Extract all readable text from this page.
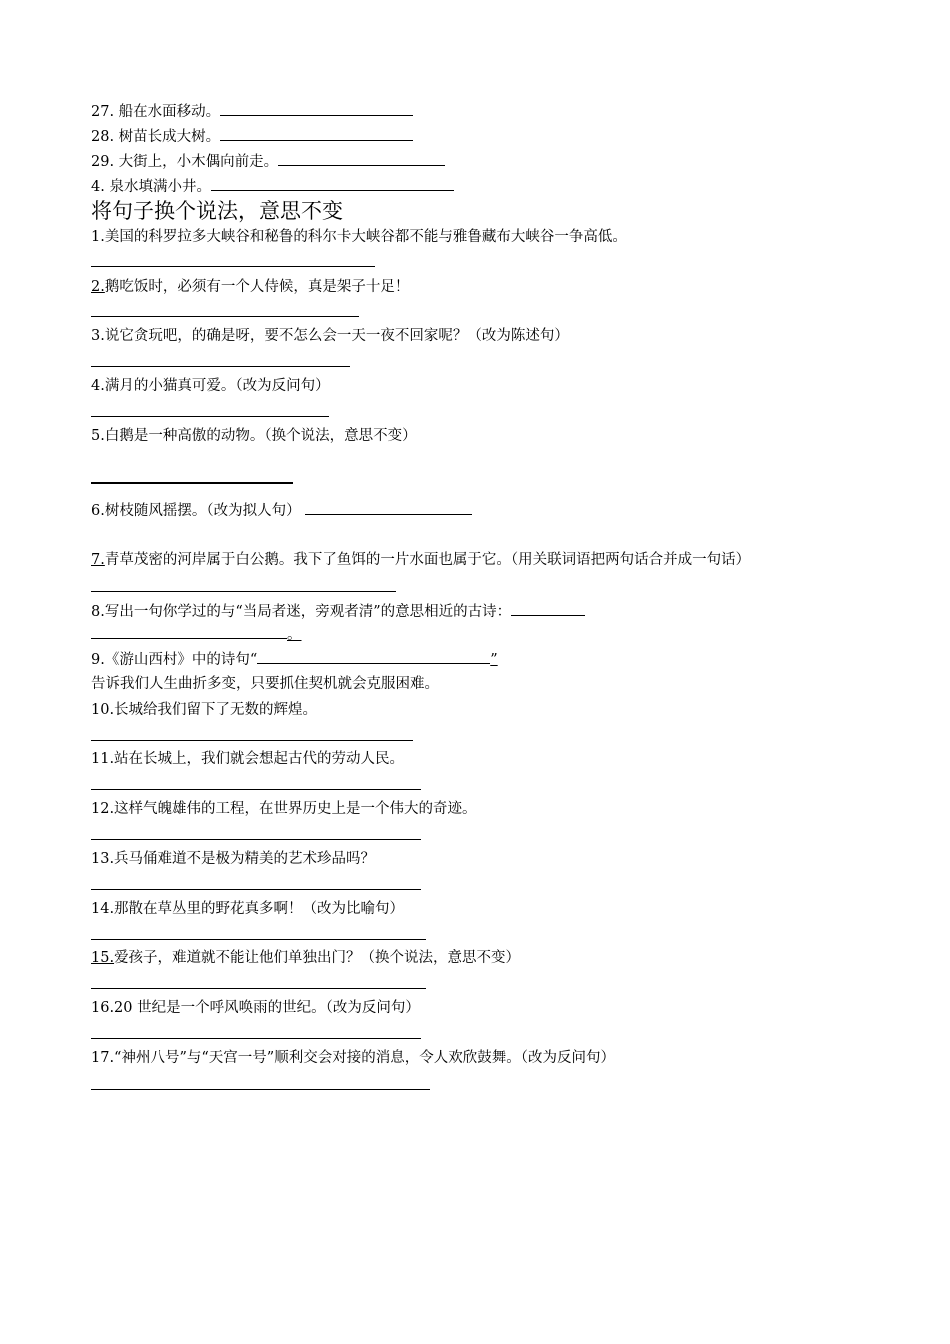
27. 船在水面移动。
28. 树苗长成大树。
29. 大街上，小木偶向前走。
4. 泉水填满小井。
将句子换个说法，意思不变
1.美国的科罗拉多大峡谷和秘鲁的科尔卡大峡谷都不能与雅鲁藏布大峡谷一争高低。
2.鹅吃饭时，必须有一个人侍候，真是架子十足！
3.说它贪玩吧，的确是呀，要不怎么会一天一夜不回家呢？（改为陈述句）
4.满月的小猫真可爱。（改为反问句）
5.白鹅是一种高傲的动物。（换个说法，意思不变）
6.树枝随风摇摆。（改为拟人句）
7.青草茂密的河岸属于白公鹅。我下了鱼饵的一片水面也属于它。（用关联词语把两句话合并成一句话）
8.写出一句你学过的与“当局者迷，旁观者清”的意思相近的古诗：
。
9.《游山西村》中的诗句“	”
告诉我们人生曲折多变，只要抓住契机就会克服困难。
10.长城给我们留下了无数的辉煌。
11.站在长城上，我们就会想起古代的劳动人民。
12.这样气魄雄伟的工程，在世界历史上是一个伟大的奇迹。
13.兵马俑难道不是极为精美的艺术珍品吗？
14.那散在草丛里的野花真多啊！（改为比喻句）
15.爱孩子，难道就不能让他们单独出门？（换个说法，意思不变）
16.20 世纪是一个呼风唤雨的世纪。（改为反问句）
17.“神州八号”与“天宫一号”顺利交会对接的消息，令人欢欣鼓舞。（改为反问句）
